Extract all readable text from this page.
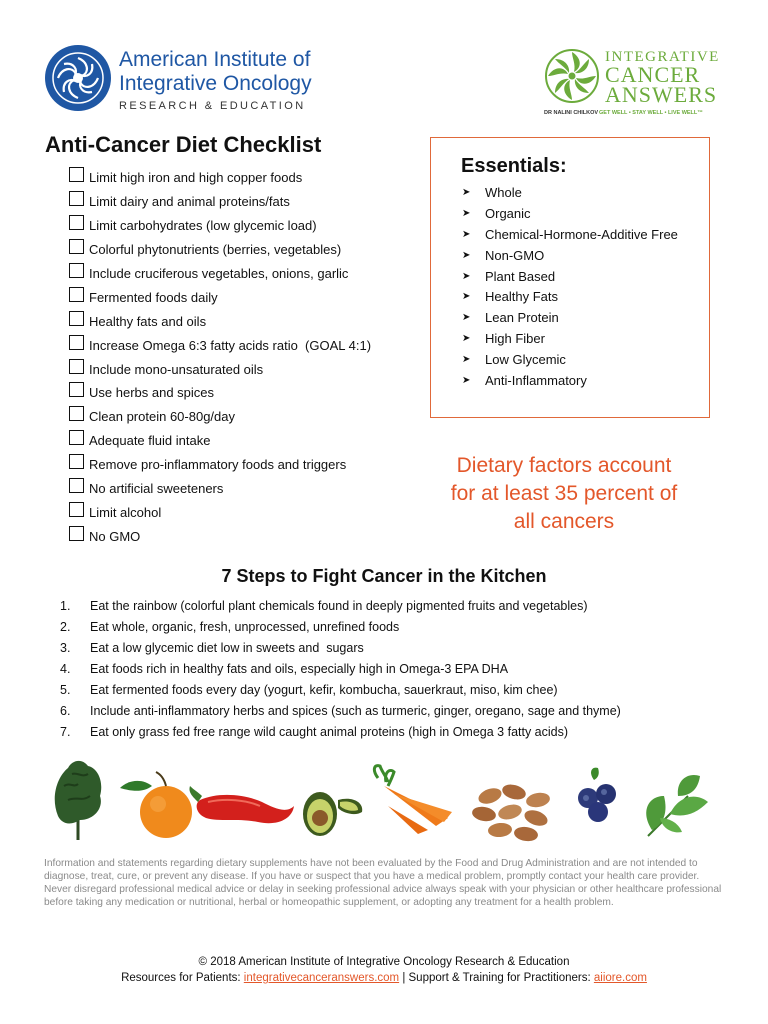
American Institute of
Integrative Oncology
RESEARCH & EDUCATION
INTEGRATIVE
CANCER
ANSWERS
DR NALINI CHILKOV GET WELL • STAY WELL • LIVE WELL™
Anti-Cancer Diet Checklist
Limit high iron and high copper foods
Limit dairy and animal proteins/fats
Limit carbohydrates (low glycemic load)
Colorful phytonutrients (berries, vegetables)
Include cruciferous vegetables, onions, garlic
Fermented foods daily
Healthy fats and oils
Increase Omega 6:3 fatty acids ratio  (GOAL 4:1)
Include mono-unsaturated oils
Use herbs and spices
Clean protein 60-80g/day
Adequate fluid intake
Remove pro-inflammatory foods and triggers
No artificial sweeteners
Limit alcohol
No GMO
Essentials:
➤	Whole
➤	Organic
➤	Chemical-Hormone-Additive Free
➤	Non-GMO
➤	Plant Based
➤	Healthy Fats
➤	Lean Protein
➤	High Fiber
➤	Low Glycemic
➤	Anti-Inflammatory
Dietary factors account
for at least 35 percent of
all cancers
7 Steps to Fight Cancer in the Kitchen
1.	Eat the rainbow (colorful plant chemicals found in deeply pigmented fruits and vegetables)
2.	Eat whole, organic, fresh, unprocessed, unrefined foods
3.	Eat a low glycemic diet low in sweets and  sugars
4.	Eat foods rich in healthy fats and oils, especially high in Omega-3 EPA DHA
5.	Eat fermented foods every day (yogurt, kefir, kombucha, sauerkraut, miso, kim chee)
6.	Include anti-inflammatory herbs and spices (such as turmeric, ginger, oregano, sage and thyme)
7.	Eat only grass fed free range wild caught animal proteins (high in Omega 3 fatty acids)
Information and statements regarding dietary supplements have not been evaluated by the Food and Drug Administration and are not intended to diagnose, treat, cure, or prevent any disease. If you have or suspect that you have a medical problem, promptly contact your health care provider. Never disregard professional medical advice or delay in seeking professional advice always speak with your physician or other healthcare professional before taking any medication or nutritional, herbal or homeopathic supplement, or adopting any treatment for a health problem.
© 2018 American Institute of Integrative Oncology Research & Education
Resources for Patients: integrativecanceranswers.com | Support & Training for Practitioners: aiiore.com
